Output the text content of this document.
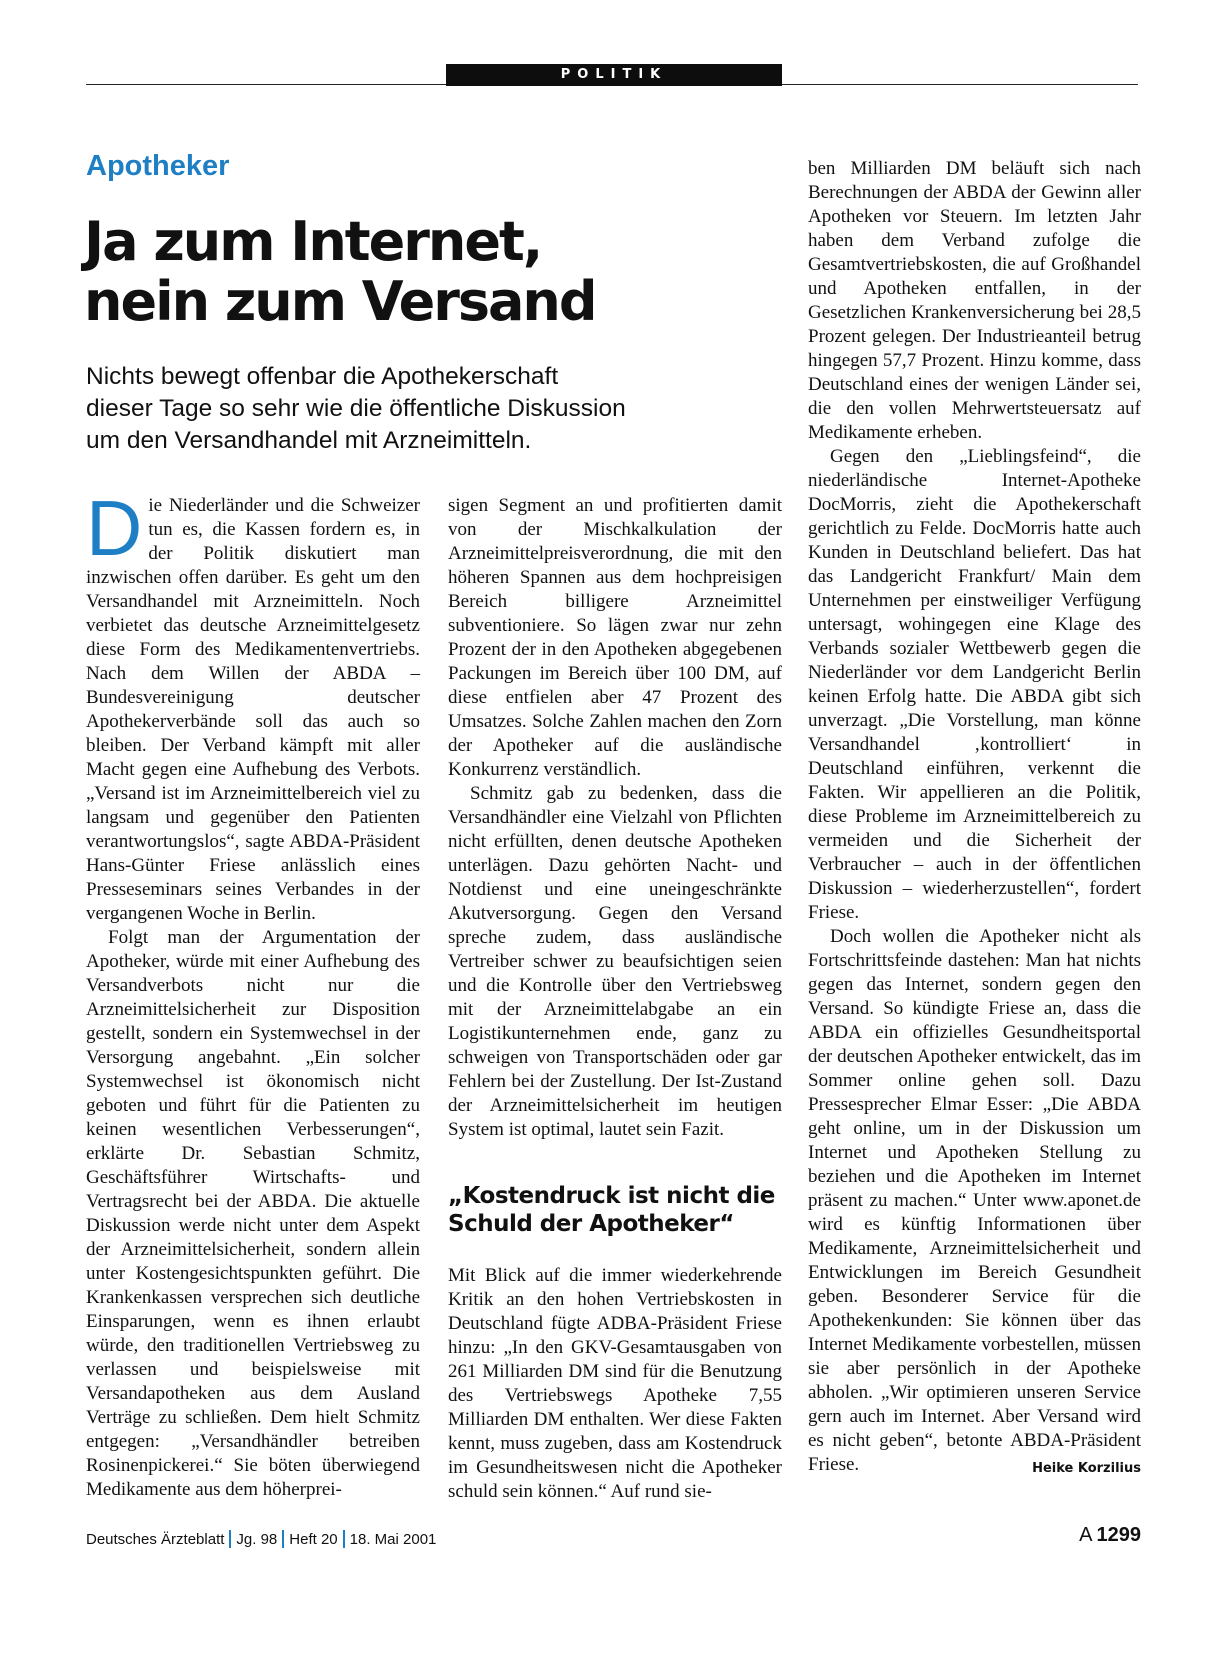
POLITIK
Apotheker
Ja zum Internet,
nein zum Versand
Nichts bewegt offenbar die Apothekerschaft
dieser Tage so sehr wie die öffentliche Diskussion
um den Versandhandel mit Arzneimitteln.

Die Niederländer und die Schweizer tun es, die Kassen fordern es, in der Politik diskutiert man inzwischen offen darüber. Es geht um den Versandhandel mit Arzneimitteln. Noch verbietet das deutsche Arzneimittelgesetz diese Form des Medikamentenvertriebs. Nach dem Willen der ABDA – Bundesvereinigung deutscher Apothekerverbände soll das auch so bleiben. Der Verband kämpft mit aller Macht gegen eine Aufhebung des Verbots. „Versand ist im Arzneimittelbereich viel zu langsam und gegenüber den Patienten verantwortungslos“, sagte ABDA-Präsident Hans-Günter Friese anlässlich eines Presseseminars seines Verbandes in der vergangenen Woche in Berlin.

Folgt man der Argumentation der Apotheker, würde mit einer Aufhebung des Versandverbots nicht nur die Arzneimittelsicherheit zur Disposition gestellt, sondern ein Systemwechsel in der Versorgung angebahnt. „Ein solcher Systemwechsel ist ökonomisch nicht geboten und führt für die Patienten zu keinen wesentlichen Verbesserungen“, erklärte Dr. Sebastian Schmitz, Geschäftsführer Wirtschafts- und Vertragsrecht bei der ABDA. Die aktuelle Diskussion werde nicht unter dem Aspekt der Arzneimittelsicherheit, sondern allein unter Kostengesichtspunkten geführt. Die Krankenkassen versprechen sich deutliche Einsparungen, wenn es ihnen erlaubt würde, den traditionellen Vertriebsweg zu verlassen und beispielsweise mit Versandapotheken aus dem Ausland Verträge zu schließen. Dem hielt Schmitz entgegen: „Versandhändler betreiben Rosinenpickerei.“ Sie böten überwiegend Medikamente aus dem höherprei-

sigen Segment an und profitierten damit von der Mischkalkulation der Arzneimittelpreisverordnung, die mit den höheren Spannen aus dem hochpreisigen Bereich billigere Arzneimittel subventioniere. So lägen zwar nur zehn Prozent der in den Apotheken abgegebenen Packungen im Bereich über 100 DM, auf diese entfielen aber 47 Prozent des Umsatzes. Solche Zahlen machen den Zorn der Apotheker auf die ausländische Konkurrenz verständlich.

Schmitz gab zu bedenken, dass die Versandhändler eine Vielzahl von Pflichten nicht erfüllten, denen deutsche Apotheken unterlägen. Dazu gehörten Nacht- und Notdienst und eine uneingeschränkte Akutversorgung. Gegen den Versand spreche zudem, dass ausländische Vertreiber schwer zu beaufsichtigen seien und die Kontrolle über den Vertriebsweg mit der Arzneimittelabgabe an ein Logistikunternehmen ende, ganz zu schweigen von Transportschäden oder gar Fehlern bei der Zustellung. Der Ist-Zustand der Arzneimittelsicherheit im heutigen System ist optimal, lautet sein Fazit.

„Kostendruck ist nicht die Schuld der Apotheker“

Mit Blick auf die immer wiederkehrende Kritik an den hohen Vertriebskosten in Deutschland fügte ADBA-Präsident Friese hinzu: „In den GKV-Gesamtausgaben von 261 Milliarden DM sind für die Benutzung des Vertriebswegs Apotheke 7,55 Milliarden DM enthalten. Wer diese Fakten kennt, muss zugeben, dass am Kostendruck im Gesundheitswesen nicht die Apotheker schuld sein können.“ Auf rund sie-

ben Milliarden DM beläuft sich nach Berechnungen der ABDA der Gewinn aller Apotheken vor Steuern. Im letzten Jahr haben dem Verband zufolge die Gesamtvertriebskosten, die auf Großhandel und Apotheken entfallen, in der Gesetzlichen Krankenversicherung bei 28,5 Prozent gelegen. Der Industrieanteil betrug hingegen 57,7 Prozent. Hinzu komme, dass Deutschland eines der wenigen Länder sei, die den vollen Mehrwertsteuersatz auf Medikamente erheben.

Gegen den „Lieblingsfeind“, die niederländische Internet-Apotheke DocMorris, zieht die Apothekerschaft gerichtlich zu Felde. DocMorris hatte auch Kunden in Deutschland beliefert. Das hat das Landgericht Frankfurt/ Main dem Unternehmen per einstweiliger Verfügung untersagt, wohingegen eine Klage des Verbands sozialer Wettbewerb gegen die Niederländer vor dem Landgericht Berlin keinen Erfolg hatte. Die ABDA gibt sich unverzagt. „Die Vorstellung, man könne Versandhandel ‚kontrolliert‘ in Deutschland einführen, verkennt die Fakten. Wir appellieren an die Politik, diese Probleme im Arzneimittelbereich zu vermeiden und die Sicherheit der Verbraucher – auch in der öffentlichen Diskussion – wiederherzustellen“, fordert Friese.

Doch wollen die Apotheker nicht als Fortschrittsfeinde dastehen: Man hat nichts gegen das Internet, sondern gegen den Versand. So kündigte Friese an, dass die ABDA ein offizielles Gesundheitsportal der deutschen Apotheker entwickelt, das im Sommer online gehen soll. Dazu Pressesprecher Elmar Esser: „Die ABDA geht online, um in der Diskussion um Internet und Apotheken Stellung zu beziehen und die Apotheken im Internet präsent zu machen.“ Unter www.aponet.de wird es künftig Informationen über Medikamente, Arzneimittelsicherheit und Entwicklungen im Bereich Gesundheit geben. Besonderer Service für die Apothekenkunden: Sie können über das Internet Medikamente vorbestellen, müssen sie aber persönlich in der Apotheke abholen. „Wir optimieren unseren Service gern auch im Internet. Aber Versand wird es nicht geben“, betonte ABDA-Präsident Friese.	Heike Korzilius

Deutsches Ärzteblatt Jg. 98 Heft 20 18. Mai 2001	A 1299
